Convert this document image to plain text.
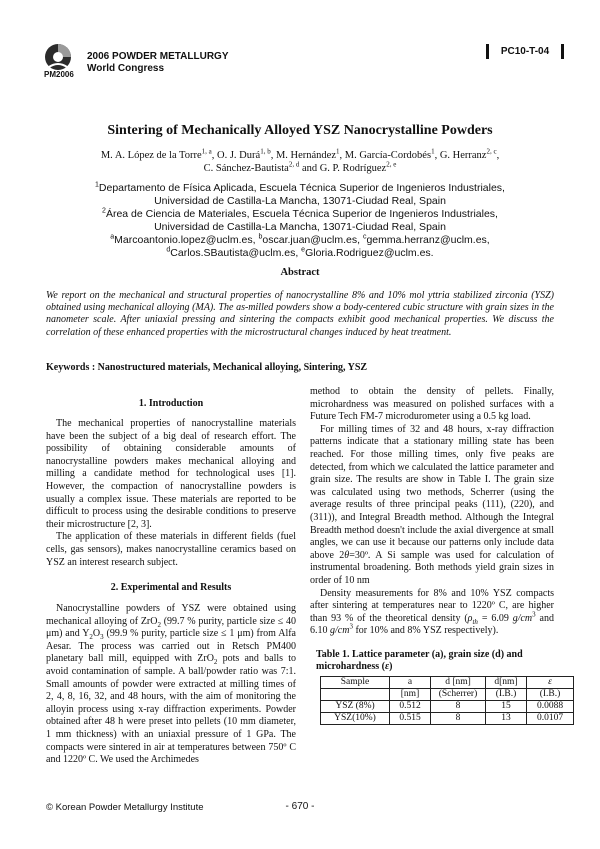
2006 POWDER METALLURGY
World Congress
PM2006
PC10-T-04
Sintering of Mechanically Alloyed YSZ Nanocrystalline Powders
M. A. López de la Torre$^{1, a}$, O. J. Durá$^{1, b}$, M. Hernández$^1$, M. García-Cordobés$^1$, G. Herranz$^{2, c}$,
C. Sánchez-Bautista$^{2, d}$ and G. P. Rodríguez$^{2, e}$
$^1$Departamento de Física Aplicada, Escuela Técnica Superior de Ingenieros Industriales,
Universidad de Castilla-La Mancha, 13071-Ciudad Real, Spain
$^2$Área de Ciencia de Materiales, Escuela Técnica Superior de Ingenieros Industriales,
Universidad de Castilla-La Mancha, 13071-Ciudad Real, Spain
$^a$Marcoantonio.lopez@uclm.es, $^b$oscar.juan@uclm.es, $^c$gemma.herranz@uclm.es,
$^d$Carlos.SBautista@uclm.es, $^e$Gloria.Rodriguez@uclm.es.
Abstract
We report on the mechanical and structural properties of nanocrystalline 8% and 10% mol yttria stabilized zirconia (YSZ) obtained using mechanical alloying (MA). The as-milled powders show a body-centered cubic structure with grain sizes in the nanometer scale. After uniaxial pressing and sintering the compacts exhibit good mechanical properties. We discuss the correlation of these enhanced properties with the microstructural changes induced by heat treatment.
Keywords : Nanostructured materials, Mechanical alloying, Sintering, YSZ
1. Introduction

The mechanical properties of nanocrystalline materials have been the subject of a big deal of research effort. The possibility of obtaining considerable amounts of nanocrystalline powders makes mechanical alloying and milling a candidate method for technological uses [1]. However, the compaction of nanocrystalline powders is usually a complex issue. These materials are reported to be difficult to process using the desirable conditions to preserve their microstructure [2, 3].

The application of these materials in different fields (fuel cells, gas sensors), makes nanocrystalline ceramics based on YSZ an interest research subject.

2. Experimental and Results

Nanocrystalline powders of YSZ were obtained using mechanical alloying of ZrO$_2$ (99.7 % purity, particle size ≤ 40 μm) and $Y_2O_3$ (99.9 % purity, particle size ≤ 1 μm) from Alfa Aesar. The process was carried out in Retsch PM400 planetary ball mill, equipped with ZrO$_2$ pots and balls to avoid contamination of sample. A ball/powder ratio was 7:1. Small amounts of powder were extracted at milling times of 2, 4, 8, 16, 32, and 48 hours, with the aim of monitoring the alloyin process using x-ray diffraction experiments. Powder obtained after 48 h were preset into pellets (10 mm diameter, 1 mm thickness) with an uniaxial pressure of 1 GPa. The compacts were sintered in air at temperatures between 750º C and 1220º C. We used the Archimedes

method to obtain the density of pellets. Finally, microhardness was measured on polished surfaces with a Future Tech FM-7 microdurometer using a 0.5 kg load.

For milling times of 32 and 48 hours, x-ray diffraction patterns indicate that a stationary milling state has been reached. For those milling times, only five peaks are detected, from which we calculated the lattice parameter and grain size. The results are show in Table I. The grain size was calculated using two methods, Scherrer (using the average results of three principal peaks (111), (220), and (311)), and Integral Breadth method. Although the Integral Breadth method doesn't include the axial divergence at small angles, we can use it because our patterns only include data above 2θ=30º. A Si sample was used for calculation of instrumental broadening. Both methods yield grain sizes in order of 10 nm

Density measurements for 8% and 10% YSZ compacts after sintering at temperatures near to 1220º C, are higher than 93 % of the theoretical density ($\rho_{th} = 6.09$ $g/cm^3$ and 6.10 $g/cm^3$ for 10% and 8% YSZ respectively).

Table 1. Lattice parameter (a), grain size (d) and
microhardness (ε)
Sample	a	d [nm]	d[nm]	ε
	[nm]	(Scherrer)	(I.B.)	(I.B.)
YSZ (8%)	0.512	8	15	0.0088
YSZ(10%)	0.515	8	13	0.0107
© Korean Powder Metallurgy Institute	- 670 -
